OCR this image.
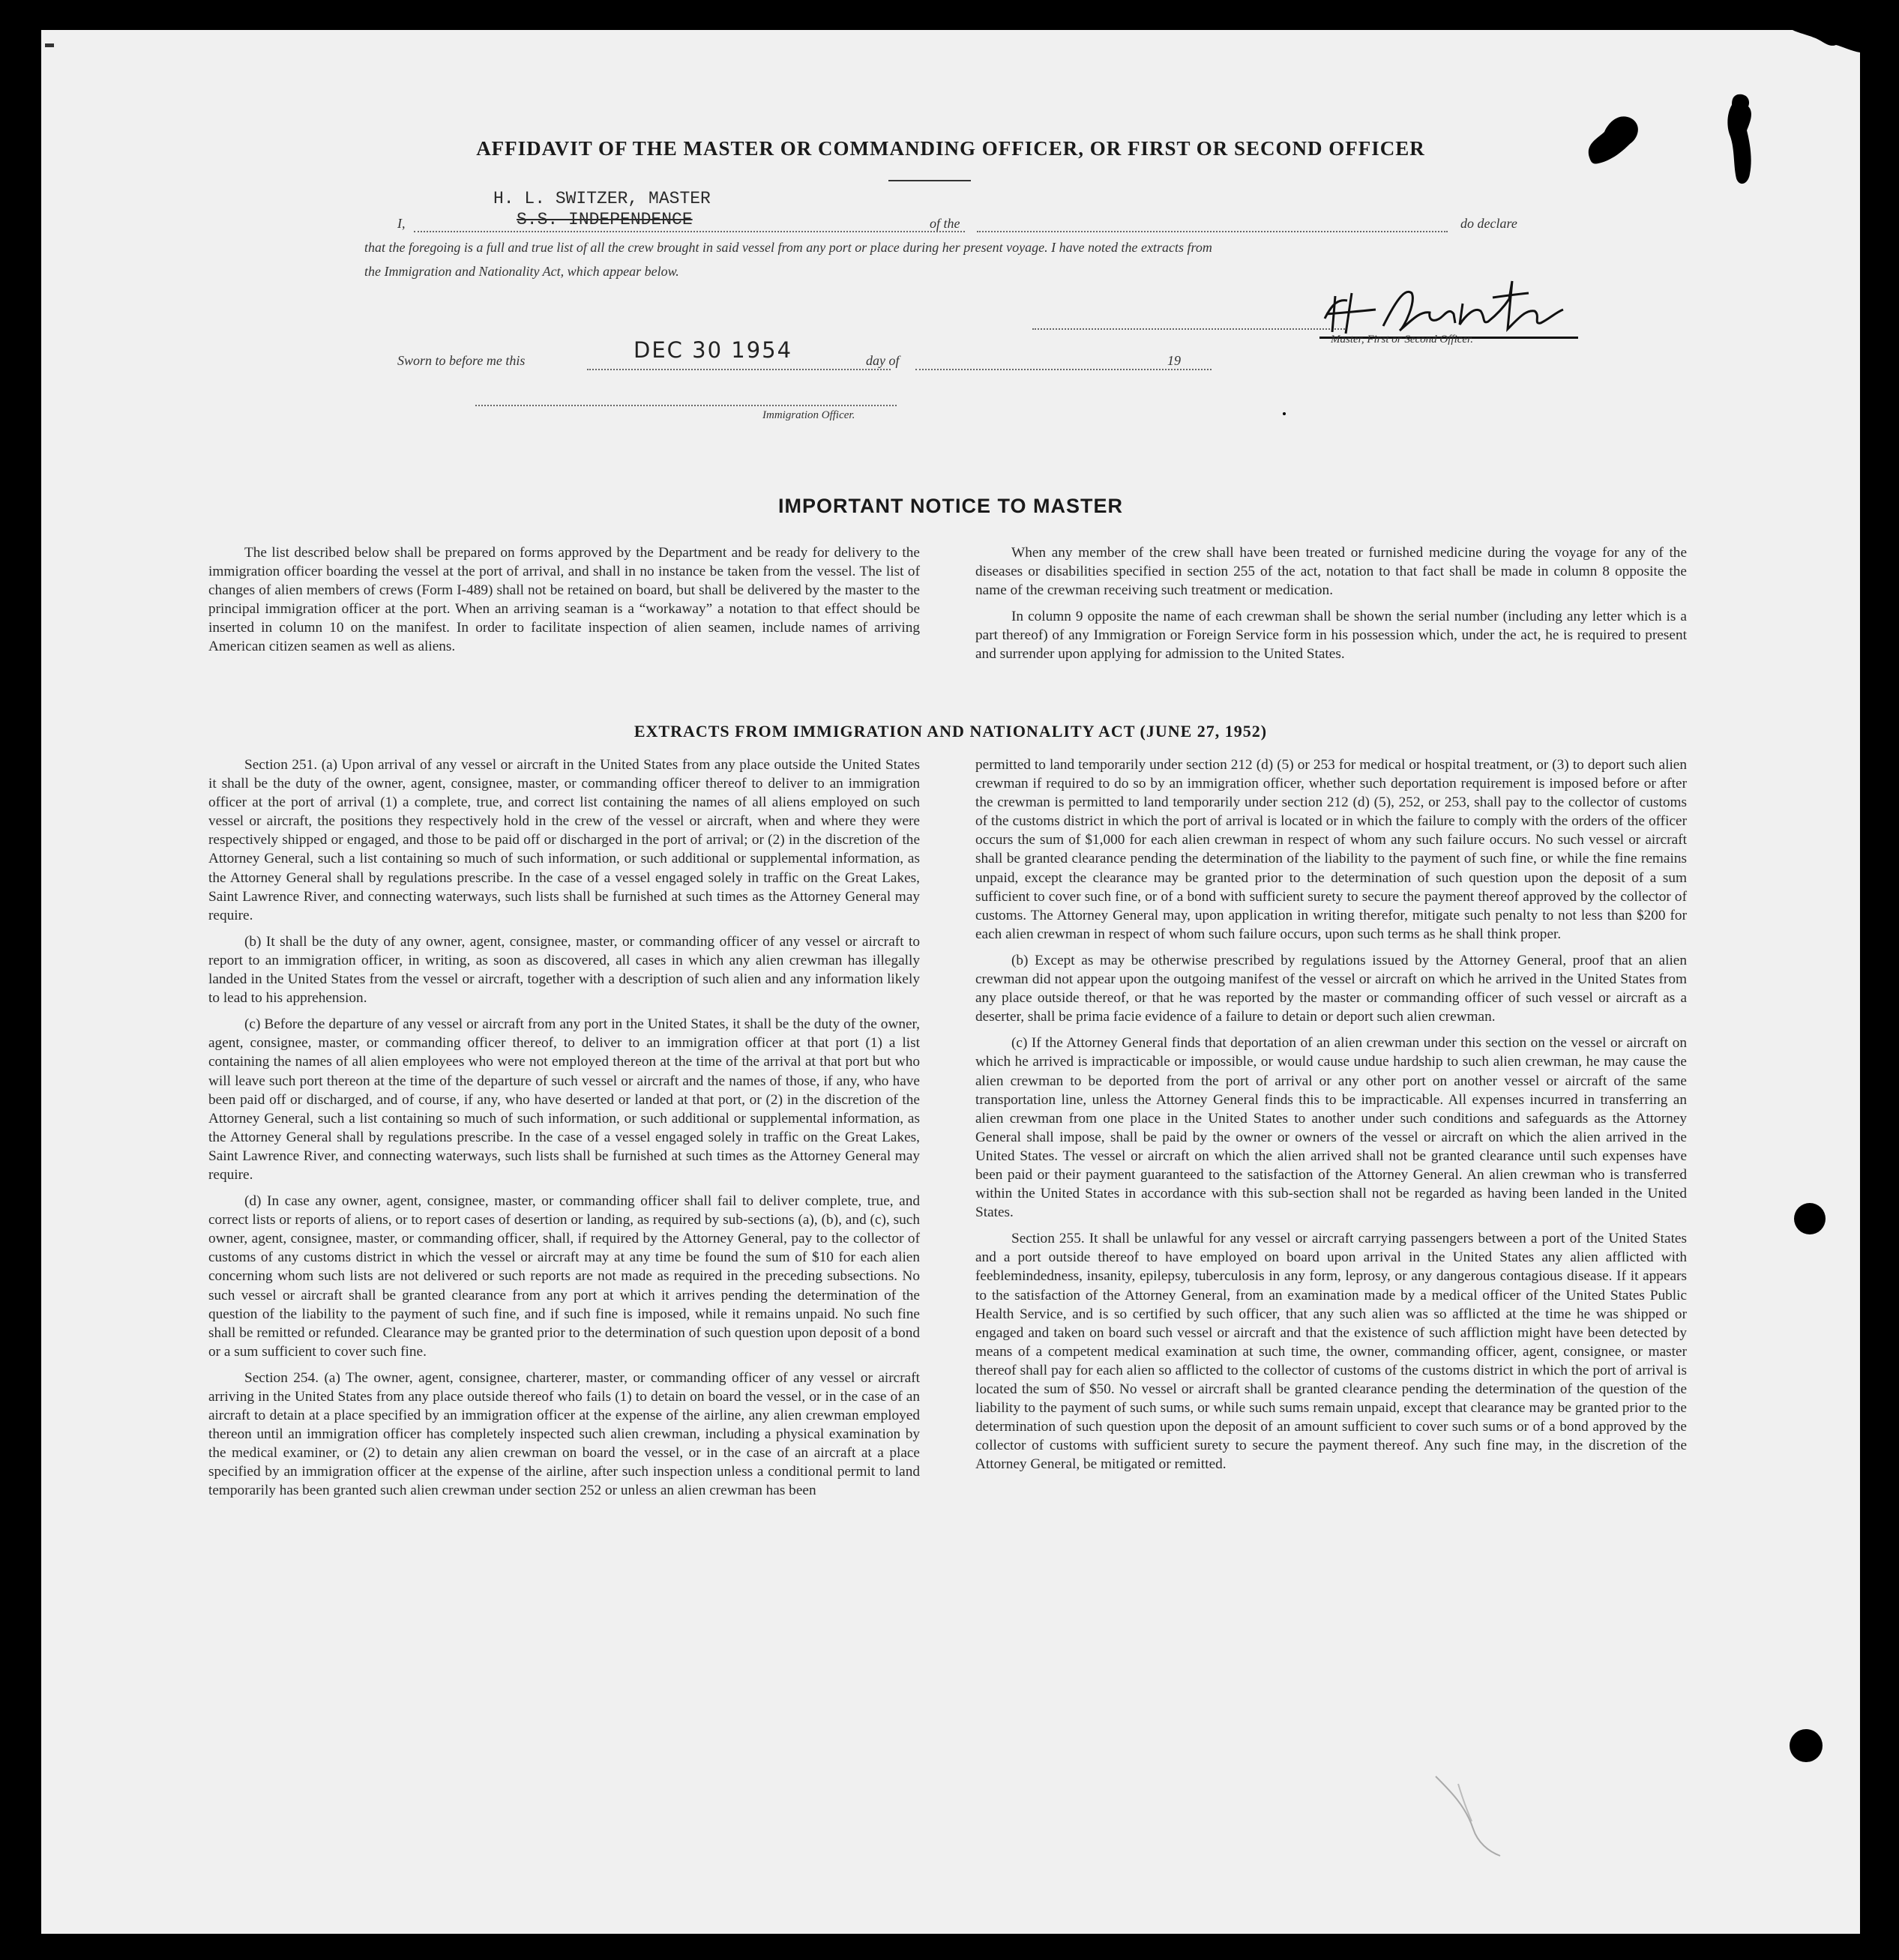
AFFIDAVIT OF THE MASTER OR COMMANDING OFFICER, OR FIRST OR SECOND OFFICER
I,
H. L. SWITZER, MASTER
S.S. INDEPENDENCE	of the	do declare
that the foregoing is a full and true list of all the crew brought in said vessel from any port or place during her present voyage. I have noted the extracts from
the Immigration and Nationality Act, which appear below.
Master, First or Second Officer.
Sworn to before me this	DEC 30 1954	day of	19
Immigration Officer.
IMPORTANT NOTICE TO MASTER

The list described below shall be prepared on forms approved by the Department and be ready for delivery to the immigration officer boarding the vessel at the port of arrival, and shall in no instance be taken from the vessel. The list of changes of alien members of crews (Form I-489) shall not be retained on board, but shall be delivered by the master to the principal immigration officer at the port. When an arriving seaman is a “workaway” a notation to that effect should be inserted in column 10 on the manifest. In order to facilitate inspection of alien seamen, include names of arriving American citizen seamen as well as aliens.

When any member of the crew shall have been treated or furnished medicine during the voyage for any of the diseases or disabilities specified in section 255 of the act, notation to that fact shall be made in column 8 opposite the name of the crewman receiving such treatment or medication.

In column 9 opposite the name of each crewman shall be shown the serial number (including any letter which is a part thereof) of any Immigration or Foreign Service form in his possession which, under the act, he is required to present and surrender upon applying for admission to the United States.

EXTRACTS FROM IMMIGRATION AND NATIONALITY ACT (JUNE 27, 1952)

Section 251. (a) Upon arrival of any vessel or aircraft in the United States from any place outside the United States it shall be the duty of the owner, agent, consignee, master, or commanding officer thereof to deliver to an immigration officer at the port of arrival (1) a complete, true, and correct list containing the names of all aliens employed on such vessel or aircraft, the positions they respectively hold in the crew of the vessel or aircraft, when and where they were respectively shipped or engaged, and those to be paid off or discharged in the port of arrival; or (2) in the discretion of the Attorney General, such a list containing so much of such information, or such additional or supplemental information, as the Attorney General shall by regulations prescribe. In the case of a vessel engaged solely in traffic on the Great Lakes, Saint Lawrence River, and connecting waterways, such lists shall be furnished at such times as the Attorney General may require.

(b) It shall be the duty of any owner, agent, consignee, master, or commanding officer of any vessel or aircraft to report to an immigration officer, in writing, as soon as discovered, all cases in which any alien crewman has illegally landed in the United States from the vessel or aircraft, together with a description of such alien and any information likely to lead to his apprehension.

(c) Before the departure of any vessel or aircraft from any port in the United States, it shall be the duty of the owner, agent, consignee, master, or commanding officer thereof, to deliver to an immigration officer at that port (1) a list containing the names of all alien employees who were not employed thereon at the time of the arrival at that port but who will leave such port thereon at the time of the departure of such vessel or aircraft and the names of those, if any, who have been paid off or discharged, and of course, if any, who have deserted or landed at that port, or (2) in the discretion of the Attorney General, such a list containing so much of such information, or such additional or supplemental information, as the Attorney General shall by regulations prescribe. In the case of a vessel engaged solely in traffic on the Great Lakes, Saint Lawrence River, and connecting waterways, such lists shall be furnished at such times as the Attorney General may require.

(d) In case any owner, agent, consignee, master, or commanding officer shall fail to deliver complete, true, and correct lists or reports of aliens, or to report cases of desertion or landing, as required by sub-sections (a), (b), and (c), such owner, agent, consignee, master, or commanding officer, shall, if required by the Attorney General, pay to the collector of customs of any customs district in which the vessel or aircraft may at any time be found the sum of $10 for each alien concerning whom such lists are not delivered or such reports are not made as required in the preceding subsections. No such vessel or aircraft shall be granted clearance from any port at which it arrives pending the determination of the question of the liability to the payment of such fine, and if such fine is imposed, while it remains unpaid. No such fine shall be remitted or refunded. Clearance may be granted prior to the determination of such question upon deposit of a bond or a sum sufficient to cover such fine.

Section 254. (a) The owner, agent, consignee, charterer, master, or commanding officer of any vessel or aircraft arriving in the United States from any place outside thereof who fails (1) to detain on board the vessel, or in the case of an aircraft to detain at a place specified by an immigration officer at the expense of the airline, any alien crewman employed thereon until an immigration officer has completely inspected such alien crewman, including a physical examination by the medical examiner, or (2) to detain any alien crewman on board the vessel, or in the case of an aircraft at a place specified by an immigration officer at the expense of the airline, after such inspection unless a conditional permit to land temporarily has been granted such alien crewman under section 252 or unless an alien crewman has been

permitted to land temporarily under section 212 (d) (5) or 253 for medical or hospital treatment, or (3) to deport such alien crewman if required to do so by an immigration officer, whether such deportation requirement is imposed before or after the crewman is permitted to land temporarily under section 212 (d) (5), 252, or 253, shall pay to the collector of customs of the customs district in which the port of arrival is located or in which the failure to comply with the orders of the officer occurs the sum of $1,000 for each alien crewman in respect of whom any such failure occurs. No such vessel or aircraft shall be granted clearance pending the determination of the liability to the payment of such fine, or while the fine remains unpaid, except the clearance may be granted prior to the determination of such question upon the deposit of a sum sufficient to cover such fine, or of a bond with sufficient surety to secure the payment thereof approved by the collector of customs. The Attorney General may, upon application in writing therefor, mitigate such penalty to not less than $200 for each alien crewman in respect of whom such failure occurs, upon such terms as he shall think proper.

(b) Except as may be otherwise prescribed by regulations issued by the Attorney General, proof that an alien crewman did not appear upon the outgoing manifest of the vessel or aircraft on which he arrived in the United States from any place outside thereof, or that he was reported by the master or commanding officer of such vessel or aircraft as a deserter, shall be prima facie evidence of a failure to detain or deport such alien crewman.

(c) If the Attorney General finds that deportation of an alien crewman under this section on the vessel or aircraft on which he arrived is impracticable or impossible, or would cause undue hardship to such alien crewman, he may cause the alien crewman to be deported from the port of arrival or any other port on another vessel or aircraft of the same transportation line, unless the Attorney General finds this to be impracticable. All expenses incurred in transferring an alien crewman from one place in the United States to another under such conditions and safeguards as the Attorney General shall impose, shall be paid by the owner or owners of the vessel or aircraft on which the alien arrived in the United States. The vessel or aircraft on which the alien arrived shall not be granted clearance until such expenses have been paid or their payment guaranteed to the satisfaction of the Attorney General. An alien crewman who is transferred within the United States in accordance with this sub-section shall not be regarded as having been landed in the United States.

Section 255. It shall be unlawful for any vessel or aircraft carrying passengers between a port of the United States and a port outside thereof to have employed on board upon arrival in the United States any alien afflicted with feeblemindedness, insanity, epilepsy, tuberculosis in any form, leprosy, or any dangerous contagious disease. If it appears to the satisfaction of the Attorney General, from an examination made by a medical officer of the United States Public Health Service, and is so certified by such officer, that any such alien was so afflicted at the time he was shipped or engaged and taken on board such vessel or aircraft and that the existence of such affliction might have been detected by means of a competent medical examination at such time, the owner, commanding officer, agent, consignee, or master thereof shall pay for each alien so afflicted to the collector of customs of the customs district in which the port of arrival is located the sum of $50. No vessel or aircraft shall be granted clearance pending the determination of the question of the liability to the payment of such sums, or while such sums remain unpaid, except that clearance may be granted prior to the determination of such question upon the deposit of an amount sufficient to cover such sums or of a bond approved by the collector of customs with sufficient surety to secure the payment thereof. Any such fine may, in the discretion of the Attorney General, be mitigated or remitted.
